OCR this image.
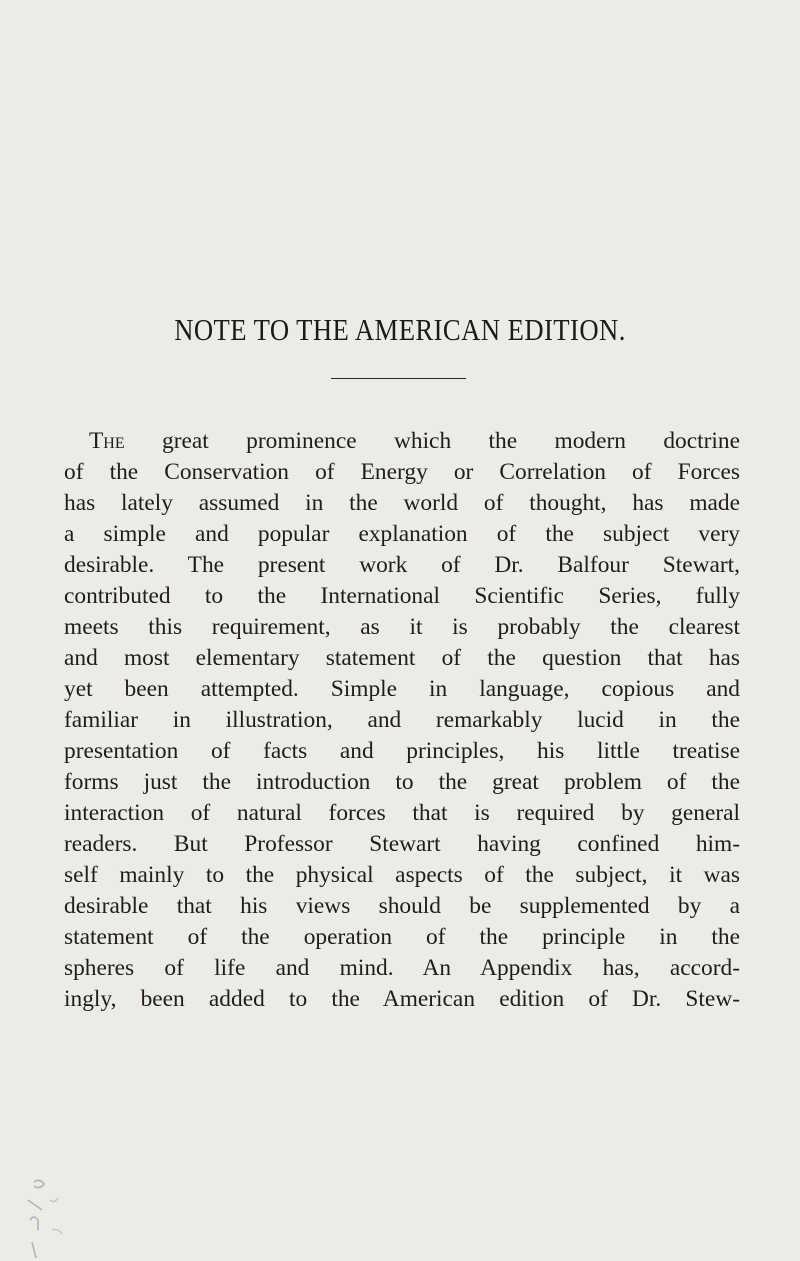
NOTE TO THE AMERICAN EDITION.
The great prominence which the modern doctrine
of the Conservation of Energy or Correlation of Forces
has lately assumed in the world of thought, has made
a simple and popular explanation of the subject very
desirable. The present work of Dr. Balfour Stewart,
contributed to the International Scientific Series, fully
meets this requirement, as it is probably the clearest
and most elementary statement of the question that has
yet been attempted. Simple in language, copious and
familiar in illustration, and remarkably lucid in the
presentation of facts and principles, his little treatise
forms just the introduction to the great problem of the
interaction of natural forces that is required by general
readers. But Professor Stewart having confined him-
self mainly to the physical aspects of the subject, it was
desirable that his views should be supplemented by a
statement of the operation of the principle in the
spheres of life and mind. An Appendix has, accord-
ingly, been added to the American edition of Dr. Stew-
